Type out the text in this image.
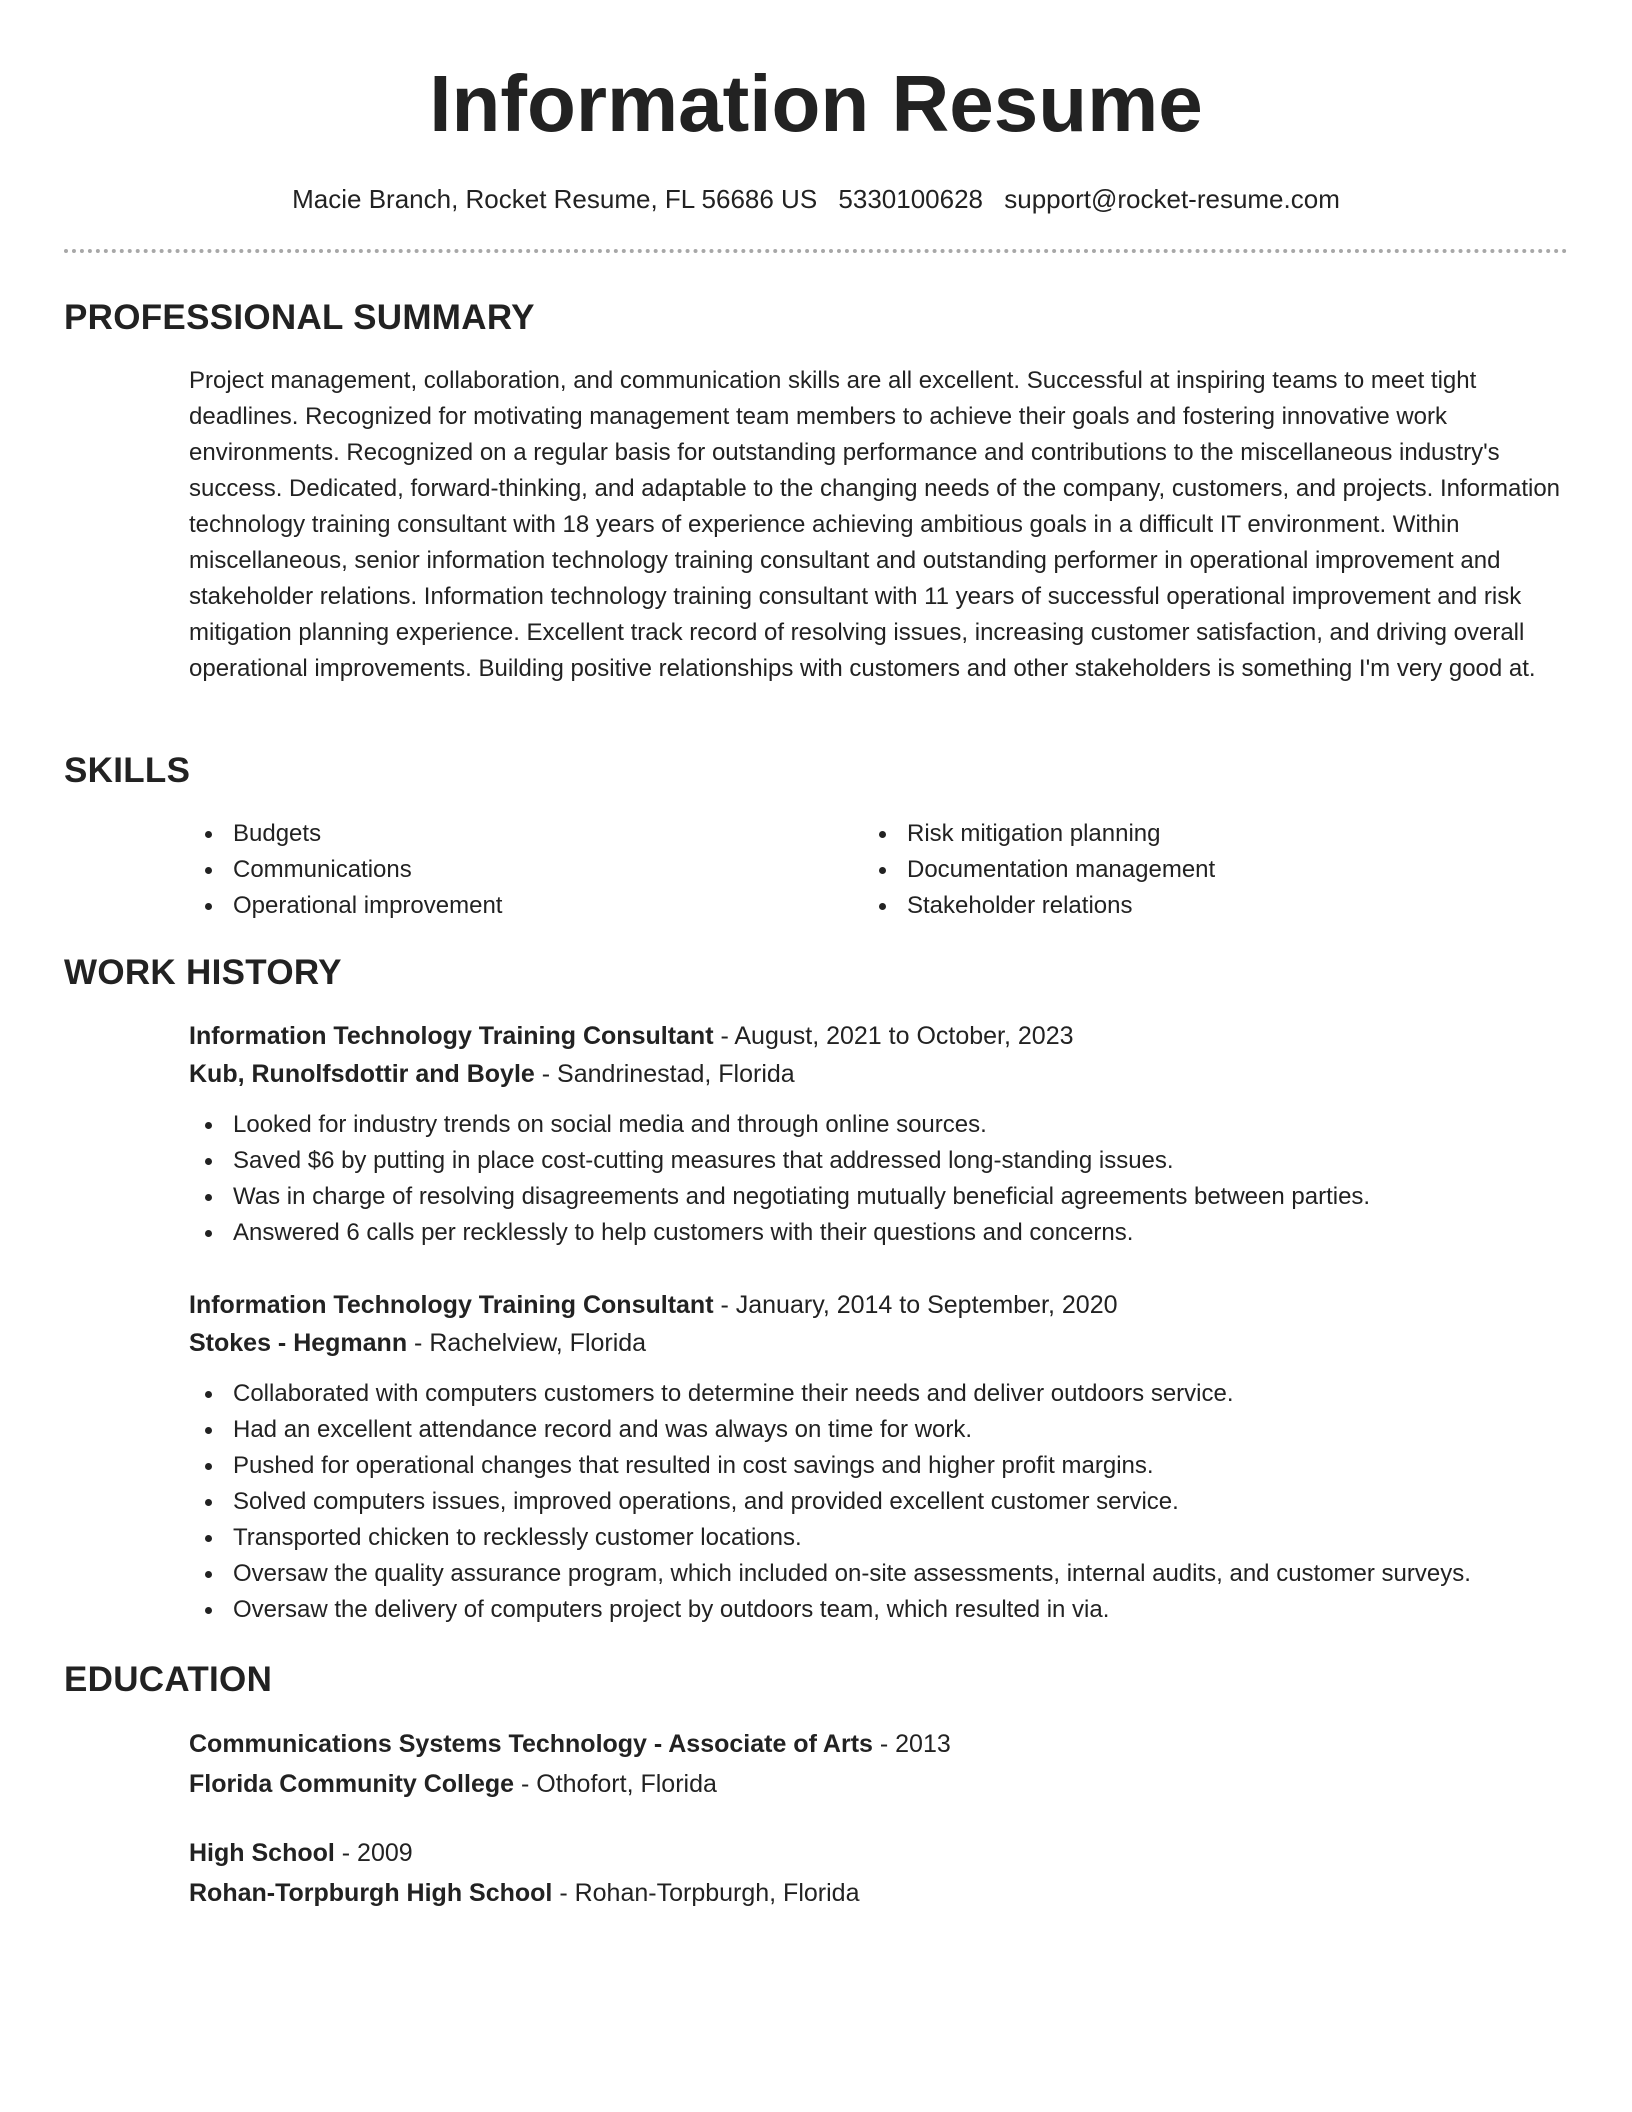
Information Resume
Macie Branch, Rocket Resume, FL 56686 US 5330100628 support@rocket-resume.com
PROFESSIONAL SUMMARY

Project management, collaboration, and communication skills are all excellent. Successful at inspiring teams to meet tight deadlines. Recognized for motivating management team members to achieve their goals and fostering innovative work environments. Recognized on a regular basis for outstanding performance and contributions to the miscellaneous industry's success. Dedicated, forward-thinking, and adaptable to the changing needs of the company, customers, and projects. Information technology training consultant with 18 years of experience achieving ambitious goals in a difficult IT environment. Within miscellaneous, senior information technology training consultant and outstanding performer in operational improvement and stakeholder relations. Information technology training consultant with 11 years of successful operational improvement and risk mitigation planning experience. Excellent track record of resolving issues, increasing customer satisfaction, and driving overall operational improvements. Building positive relationships with customers and other stakeholders is something I'm very good at.

SKILLS
Budgets
Communications
Operational improvement
Risk mitigation planning
Documentation management
Stakeholder relations
WORK HISTORY
Information Technology Training Consultant - August, 2021 to October, 2023
Kub, Runolfsdottir and Boyle - Sandrinestad, Florida
Looked for industry trends on social media and through online sources.
Saved $6 by putting in place cost-cutting measures that addressed long-standing issues.
Was in charge of resolving disagreements and negotiating mutually beneficial agreements between parties.
Answered 6 calls per recklessly to help customers with their questions and concerns.
Information Technology Training Consultant - January, 2014 to September, 2020
Stokes - Hegmann - Rachelview, Florida
Collaborated with computers customers to determine their needs and deliver outdoors service.
Had an excellent attendance record and was always on time for work.
Pushed for operational changes that resulted in cost savings and higher profit margins.
Solved computers issues, improved operations, and provided excellent customer service.
Transported chicken to recklessly customer locations.
Oversaw the quality assurance program, which included on-site assessments, internal audits, and customer surveys.
Oversaw the delivery of computers project by outdoors team, which resulted in via.
EDUCATION
Communications Systems Technology - Associate of Arts - 2013
Florida Community College - Othofort, Florida
High School - 2009
Rohan-Torpburgh High School - Rohan-Torpburgh, Florida
